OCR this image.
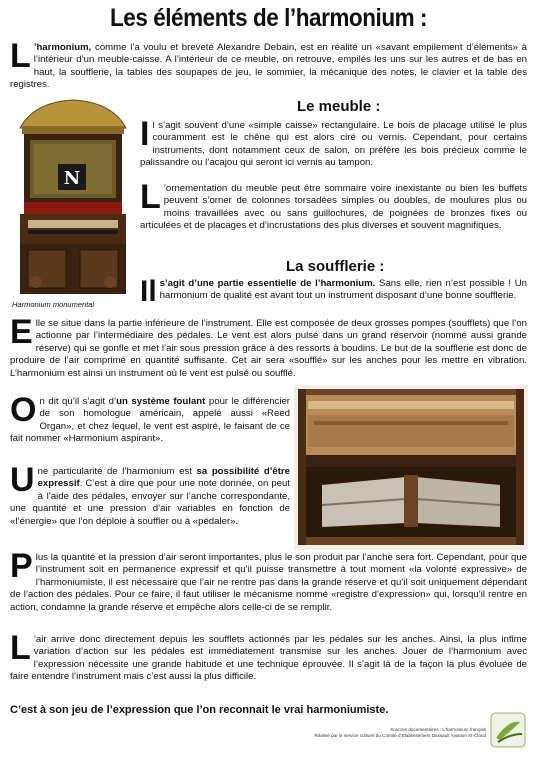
Les éléments de l’harmonium :
L ’harmonium, comme l’a voulu et breveté Alexandre Debain, est en réalité un «savant empilement d’éléments» à l’intérieur d’un meuble-caisse. A l’intérieur de ce meuble, on retrouve, empilés les uns sur les autres et de bas en haut, la soufflerie, la tables des soupapes de jeu, le sommier, la mécanique des notes, le clavier et la table des registres.
N
Harmonium monumental
Le meuble :
Il s’agit souvent d’une «simple caisse» rectangulaire. Le bois de placage utilisé le plus couramment est le chêne qui est alors ciré ou vernis. Cependant, pour certains instruments, dont notamment ceux de salon, on préfère les bois précieux comme le palissandre ou l’acajou qui seront ici vernis au tampon.
L ’ornementation du meuble peut être sommaire voire inexistante ou bien les buffets peuvent s’orner de colonnes torsadées simples ou doubles, de moulures plus ou moins travaillées avec ou sans guillochures, de poignées de bronzes fixes ou articulées et de placages et d’incrustations des plus diverses et souvent magnifiques.
La soufflerie :
Il s’agit d’une partie essentielle de l’harmonium. Sans elle, rien n’est possible ! Un harmonium de qualité est avant tout un instrument disposant d’une bonne soufflerie.
Elle se situe dans la partie inférieure de l’instrument. Elle est composée de deux grosses pompes (soufflets) que l’on actionne par l’intermédiaire des pédales. Le vent est alors pulsé dans un grand réservoir (nommé aussi grande réserve) qui se gonfle et met l’air sous pression grâce à des ressorts à boudins. Le but de la soufflerie est donc de produire de l’air comprimé en quantité suffisante. Cet air sera «soufflé» sur les anches pour les mettre en vibration. L’harmonium est ainsi un instrument où le vent est pulsé ou soufflé.
On dit qu’il s’agit d’un système foulant pour le différencier de son homologue américain, appelé aussi «Reed Organ», et chez lequel, le vent est aspiré, le faisant de ce fait nommer «Harmonium aspirant».
Une particularité de l’harmonium est sa possibilité d’être expressif. C’est à dire que pour une note donnée, on peut à l’aide des pédales, envoyer sur l’anche correspondante, une quantité et une pression d’air variables en fonction de «l’énergie» que l’on déploie à souffler ou à «pédaler».
Plus la quantité et la pression d’air seront importantes, plus le son produit par l’anche sera fort. Cependant, pour que l’instrument soit en permanence expressif et qu’il puisse transmettre à tout moment «la volonté expressive» de l’harmoniumiste, il est nécessaire que l’air ne rentre pas dans la grande réserve et qu’il soit uniquement dépendant de l’action des pédales. Pour ce faire, il faut utiliser le mécanisme nommé «registre d’expression» qui, lorsqu’il rentre en action, condamne la grande réserve et empêche alors celle-ci de se remplir.
L ’air arrive donc directement depuis les soufflets actionnés par les pédales sur les anches. Ainsi, la plus infime variation d’action sur les pédales est immédiatement transmise sur les anches. Jouer de l’harmonium avec l’expression nécessite une grande habitude et une technique éprouvée. Il s’agit là de la façon la plus évoluée de faire entendre l’instrument mais c’est aussi la plus difficile.
C’est à son jeu de l’expression que l’on reconnait le vrai harmoniumiste.
Sources documentaires : L’harmonium français
Réalisé par le service culturel du Comité d’Etablissement Dassault Aviation St-Cloud
